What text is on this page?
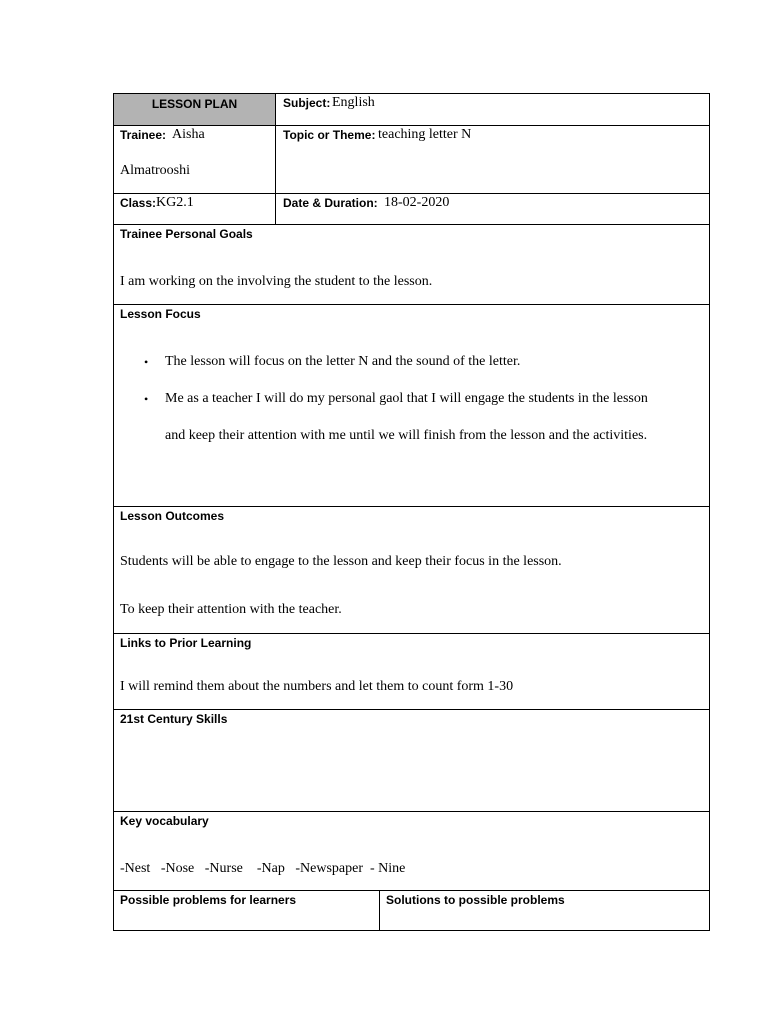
LESSON PLAN	Subject: English
Trainee: Aisha
Almatrooshi
Topic or Theme: teaching letter N
Class: KG2.1	Date & Duration: 18-02-2020
Trainee Personal Goals
I am working on the involving the student to the lesson.
Lesson Focus
• The lesson will focus on the letter N and the sound of the letter.
• Me as a teacher I will do my personal gaol that I will engage the students in the lesson
and keep their attention with me until we will finish from the lesson and the activities.
Lesson Outcomes
Students will be able to engage to the lesson and keep their focus in the lesson.
To keep their attention with the teacher.
Links to Prior Learning
I will remind them about the numbers and let them to count form 1-30
21st Century Skills
Key vocabulary
-Nest   -Nose   -Nurse    -Nap   -Newspaper  - Nine
Possible problems for learners	Solutions to possible problems
